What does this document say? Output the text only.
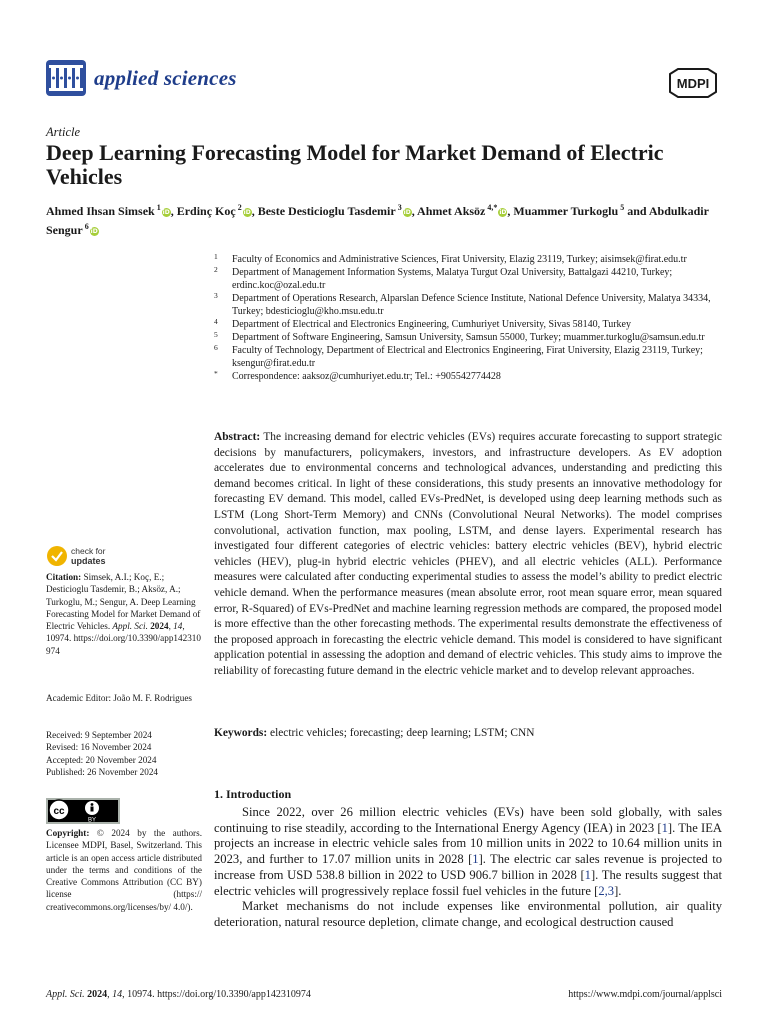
applied sciences	MDPI
Article
Deep Learning Forecasting Model for Market Demand of Electric Vehicles
Ahmed Ihsan Simsek $^1$iD, Erdinç Koç $^2$iD, Beste Desticioglu Tasdemir $^3$iD, Ahmet Aksöz $^{4,*}$iD, Muammer Turkoglu $^5$ and Abdulkadir Sengur $^6$iD
1 Faculty of Economics and Administrative Sciences, Firat University, Elazig 23119, Turkey; aisimsek@firat.edu.tr
2 Department of Management Information Systems, Malatya Turgut Ozal University, Battalgazi 44210, Turkey; erdinc.koc@ozal.edu.tr
3 Department of Operations Research, Alparslan Defence Science Institute, National Defence University, Malatya 34334, Turkey; bdesticioglu@kho.msu.edu.tr
4 Department of Electrical and Electronics Engineering, Cumhuriyet University, Sivas 58140, Turkey
5 Department of Software Engineering, Samsun University, Samsun 55000, Turkey; muammer.turkoglu@samsun.edu.tr
6 Faculty of Technology, Department of Electrical and Electronics Engineering, Firat University, Elazig 23119, Turkey; ksengur@firat.edu.tr
* Correspondence: aaksoz@cumhuriyet.edu.tr; Tel.: +905542774428
Abstract: The increasing demand for electric vehicles (EVs) requires accurate forecasting to support strategic decisions by manufacturers, policymakers, investors, and infrastructure developers. As EV adoption accelerates due to environmental concerns and technological advances, understanding and predicting this demand becomes critical. In light of these considerations, this study presents an innovative methodology for forecasting EV demand. This model, called EVs-PredNet, is developed using deep learning methods such as LSTM (Long Short-Term Memory) and CNNs (Convolutional Neural Networks). The model comprises convolutional, activation function, max pooling, LSTM, and dense layers. Experimental research has investigated four different categories of electric vehicles: battery electric vehicles (BEV), hybrid electric vehicles (HEV), plug-in hybrid electric vehicles (PHEV), and all electric vehicles (ALL). Performance measures were calculated after conducting experimental studies to assess the model’s ability to predict electric vehicle demand. When the performance measures (mean absolute error, root mean square error, mean squared error, R-Squared) of EVs-PredNet and machine learning regression methods are compared, the proposed model is more effective than the other forecasting methods. The experimental results demonstrate the effectiveness of the proposed approach in forecasting the electric vehicle demand. This model is considered to have significant application potential in assessing the adoption and demand of electric vehicles. This study aims to improve the reliability of forecasting future demand in the electric vehicle market and to develop relevant approaches.
Keywords: electric vehicles; forecasting; deep learning; LSTM; CNN
check for
updates
Citation: Simsek, A.I.; Koç, E.; Desticioglu Tasdemir, B.; Aksöz, A.; Turkoglu, M.; Sengur, A. Deep Learning Forecasting Model for Market Demand of Electric Vehicles. Appl. Sci. 2024, 14, 10974. https://doi.org/10.3390/app142310974
Academic Editor: João M. F. Rodrigues
Received: 9 September 2024
Revised: 16 November 2024
Accepted: 20 November 2024
Published: 26 November 2024
cc
BY
Copyright: © 2024 by the authors. Licensee MDPI, Basel, Switzerland. This article is an open access article distributed under the terms and conditions of the Creative Commons Attribution (CC BY) license (https:// creativecommons.org/licenses/by/ 4.0/).
1. Introduction

Since 2022, over 26 million electric vehicles (EVs) have been sold globally, with sales continuing to rise steadily, according to the International Energy Agency (IEA) in 2023 [1]. The IEA projects an increase in electric vehicle sales from 10 million units in 2022 to 10.64 million units in 2023, and further to 17.07 million units in 2028 [1]. The electric car sales revenue is projected to increase from USD 538.8 billion in 2022 to USD 906.7 billion in 2028 [1]. The results suggest that electric vehicles will progressively replace fossil fuel vehicles in the future [2,3].

Market mechanisms do not include expenses like environmental pollution, air quality deterioration, natural resource depletion, climate change, and ecological destruction caused

Appl. Sci. 2024, 14, 10974. https://doi.org/10.3390/app142310974	https://www.mdpi.com/journal/applsci
